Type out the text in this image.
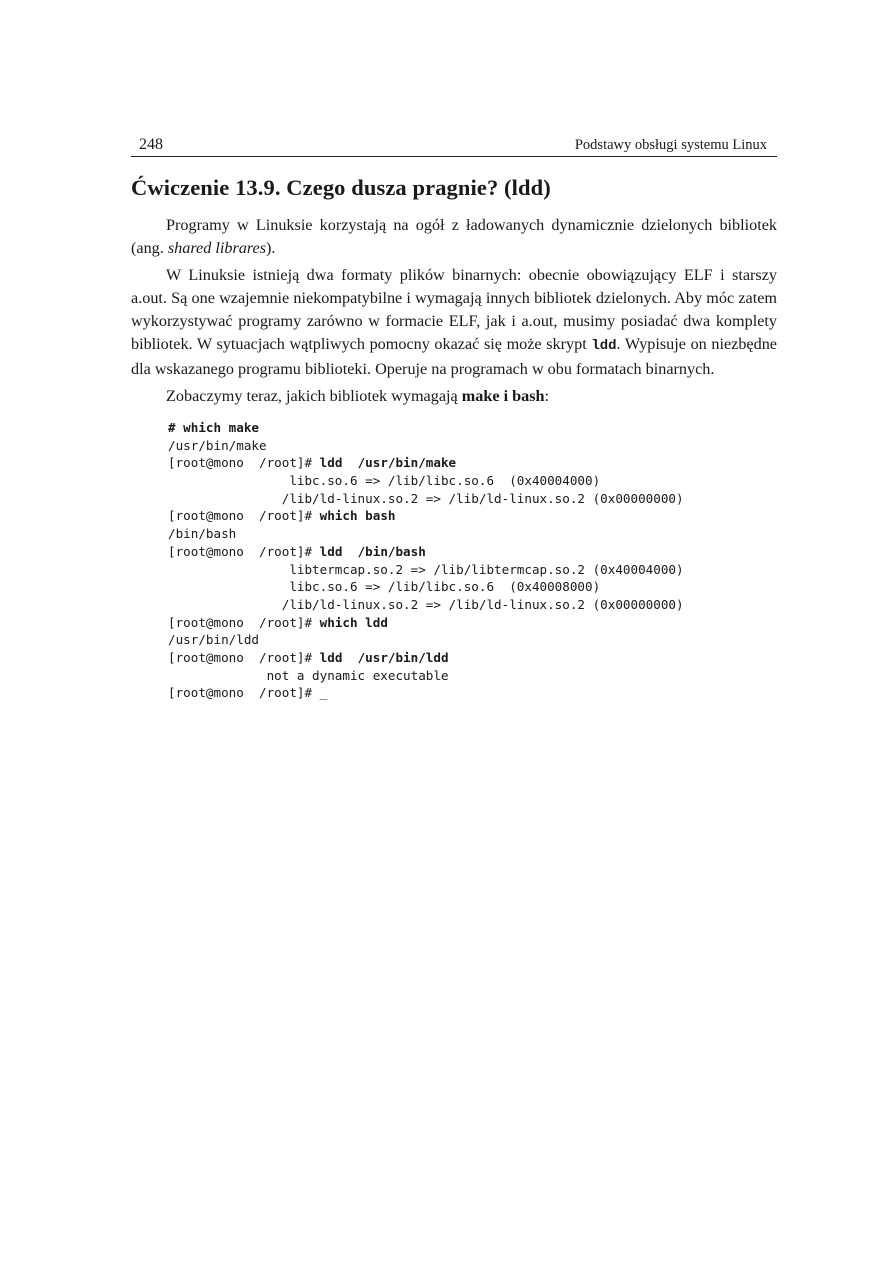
248	Podstawy obsługi systemu Linux
Ćwiczenie 13.9. Czego dusza pragnie? (ldd)

Programy w Linuksie korzystają na ogół z ładowanych dynamicznie dzielonych bibliotek (ang. shared librares).

W Linuksie istnieją dwa formaty plików binarnych: obecnie obowiązujący ELF i starszy a.out. Są one wzajemnie niekompatybilne i wymagają innych bibliotek dzielonych. Aby móc zatem wykorzystywać programy zarówno w formacie ELF, jak i a.out, musimy posiadać dwa komplety bibliotek. W sytuacjach wątpliwych pomocny okazać się może skrypt ldd. Wypisuje on niezbędne dla wskazanego programu biblioteki. Operuje na programach w obu formatach binarnych.

Zobaczymy teraz, jakich bibliotek wymagają make i bash:

# which make
/usr/bin/make
[root@mono  /root]# ldd  /usr/bin/make
libc.so.6 => /lib/libc.so.6  (0x40004000)
/lib/ld-linux.so.2 => /lib/ld-linux.so.2 (0x00000000)
[root@mono  /root]# which bash
/bin/bash
[root@mono  /root]# ldd  /bin/bash
libtermcap.so.2 => /lib/libtermcap.so.2 (0x40004000)
libc.so.6 => /lib/libc.so.6  (0x40008000)
/lib/ld-linux.so.2 => /lib/ld-linux.so.2 (0x00000000)
[root@mono  /root]# which ldd
/usr/bin/ldd
[root@mono  /root]# ldd  /usr/bin/ldd
not a dynamic executable
[root@mono  /root]# _
